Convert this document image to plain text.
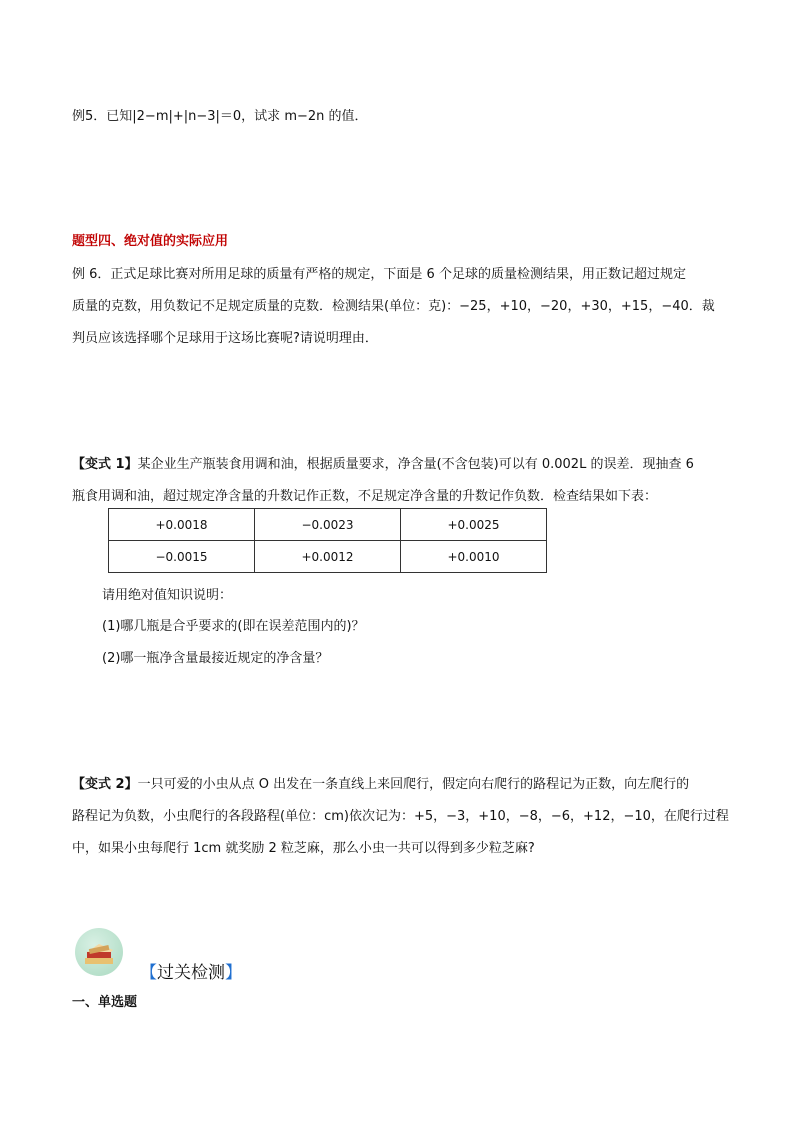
例5．已知|2−m|+|n−3|＝0，试求 m−2n 的值．
题型四、绝对值的实际应用
例 6．正式足球比赛对所用足球的质量有严格的规定，下面是 6 个足球的质量检测结果，用正数记超过规定
质量的克数，用负数记不足规定质量的克数．检测结果(单位：克)：−25，+10，−20，+30，+15，−40．裁
判员应该选择哪个足球用于这场比赛呢?请说明理由．
【变式 1】某企业生产瓶装食用调和油，根据质量要求，净含量(不含包装)可以有 0.002L 的误差．现抽查 6
瓶食用调和油，超过规定净含量的升数记作正数，不足规定净含量的升数记作负数．检查结果如下表：
+0.0018	−0.0023	+0.0025
−0.0015	+0.0012	+0.0010
请用绝对值知识说明：
(1)哪几瓶是合乎要求的(即在误差范围内的)？
(2)哪一瓶净含量最接近规定的净含量？
【变式 2】一只可爱的小虫从点 O 出发在一条直线上来回爬行，假定向右爬行的路程记为正数，向左爬行的
路程记为负数，小虫爬行的各段路程(单位：cm)依次记为：+5，−3，+10，−8，−6，+12，−10，在爬行过程
中，如果小虫每爬行 1cm 就奖励 2 粒芝麻，那么小虫一共可以得到多少粒芝麻?
【过关检测】
一、单选题
